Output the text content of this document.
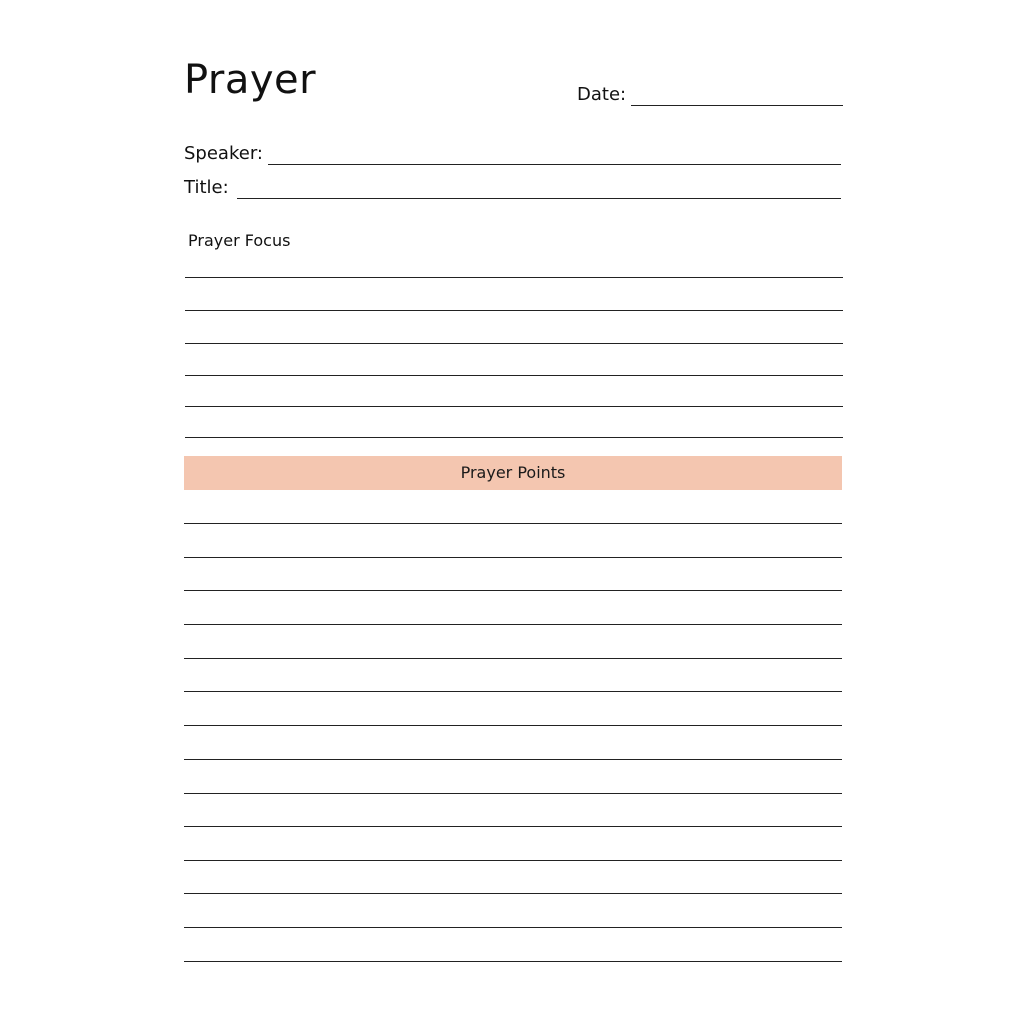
Prayer	Date:
Speaker:
Title:
Prayer Focus
Prayer Points
